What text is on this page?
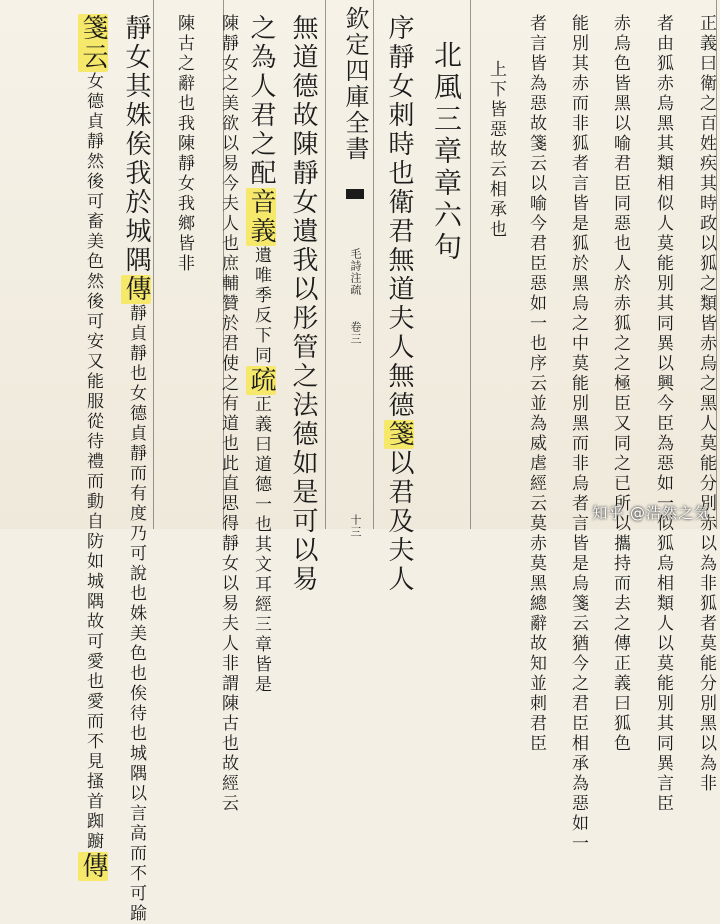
正義曰衛之百姓疾其時政以狐之類皆赤烏之黑人莫能分別赤以為非狐者莫能分別黑以為非
者由狐赤烏黑其類相似人莫能別其同異以興今臣為惡如一似狐烏相類人以莫能別其同異言臣
赤烏色皆黑以喻君臣同惡也人於赤狐之之極臣又同之已所以攜持而去之傳正義曰狐色
能別其赤而非狐者言皆是狐於黑烏之中莫能別黑而非烏者言皆是烏箋云猶今之君臣相承為惡如一
者言皆為惡故箋云以喻今君臣惡如一也序云並為威虐經云莫赤莫黑總辭故知並刺君臣
上下皆惡故云相承也
北風三章章六句
序靜女刺時也衛君無道夫人無德箋以君及夫人
欽定四庫全書  毛詩注疏 卷三 十三
無道德故陳靜女遺我以彤管之法德如是可以易
之為人君之配音義遺唯季反下同疏正義曰道德一也其文耳經三章皆是
陳靜女之美欲以易今夫人也庶輔贊於君使之有道也此直思得靜女以易夫人非謂陳古也故經云
陳古之辭也我陳靜女我鄉皆非
靜女其姝俟我於城隅傳靜貞靜也女德貞靜而有度乃可說也姝美色也俟待也城隅以言高而不可踰
箋云女德貞靜然後可畜美色然後可安又能服從待禮而動自防如城隅故可愛也愛而不見搔首踟躕傳
知乎 @浩然之気
